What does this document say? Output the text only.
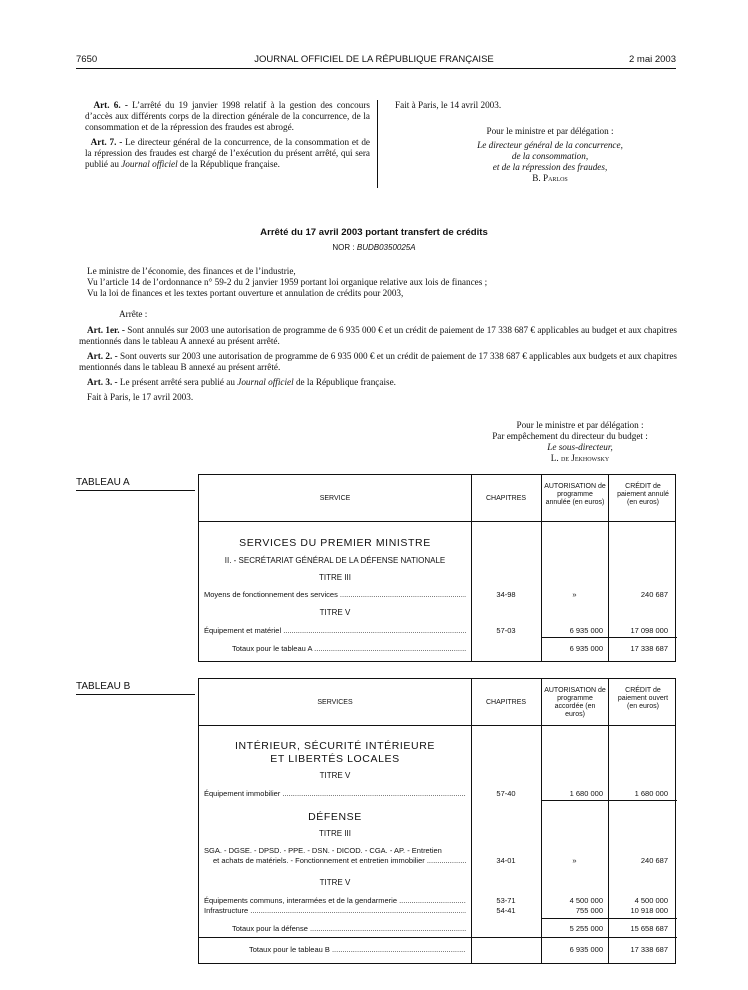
7650	JOURNAL OFFICIEL DE LA RÉPUBLIQUE FRANÇAISE	2 mai 2003

Art. 6. - L’arrêté du 19 janvier 1998 relatif à la gestion des concours d’accès aux différents corps de la direction générale de la concurrence, de la consommation et de la répression des fraudes est abrogé.

Art. 7. - Le directeur général de la concurrence, de la consommation et de la répression des fraudes est chargé de l’exécution du présent arrêté, qui sera publié au Journal officiel de la République française.

Fait à Paris, le 14 avril 2003.
Pour le ministre et par délégation :
Le directeur général de la concurrence,
de la consommation,
et de la répression des fraudes,
B. Parlos
Arrêté du 17 avril 2003 portant transfert de crédits
NOR : BUDB0350025A

Le ministre de l’économie, des finances et de l’industrie,

Vu l’article 14 de l’ordonnance n° 59-2 du 2 janvier 1959 portant loi organique relative aux lois de finances ;

Vu la loi de finances et les textes portant ouverture et annulation de crédits pour 2003,

Arrête :

Art. 1er. - Sont annulés sur 2003 une autorisation de programme de 6 935 000 € et un crédit de paiement de 17 338 687 € applicables au budget et aux chapitres mentionnés dans le tableau A annexé au présent arrêté.

Art. 2. - Sont ouverts sur 2003 une autorisation de programme de 6 935 000 € et un crédit de paiement de 17 338 687 € applicables aux budgets et aux chapitres mentionnés dans le tableau B annexé au présent arrêté.

Art. 3. - Le présent arrêté sera publié au Journal officiel de la République française.

Fait à Paris, le 17 avril 2003.

Pour le ministre et par délégation :
Par empêchement du directeur du budget :
Le sous-directeur,
L. de Jekhowsky
TABLEAU A
SERVICE	CHAPITRES
AUTORISATION de programme annulée (en euros)
CRÉDIT de paiement annulé (en euros)
SERVICES DU PREMIER MINISTRE
II. - SECRÉTARIAT GÉNÉRAL DE LA DÉFENSE NATIONALE
TITRE III
Moyens de fonctionnement des services .....	34-98	»	240 687
TITRE V
Équipement et matériel .....	57-03	6 935 000	17 098 000
Totaux pour le tableau A .....	6 935 000	17 338 687
TABLEAU B
SERVICES	CHAPITRES
AUTORISATION de programme accordée (en euros)
CRÉDIT de paiement ouvert (en euros)
INTÉRIEUR, SÉCURITÉ INTÉRIEURE
ET LIBERTÉS LOCALES
TITRE V
Équipement immobilier .....	57-40	1 680 000	1 680 000
DÉFENSE
TITRE III
SGA. - DGSE. - DPSD. - PPE. - DSN. - DICOD. - CGA. - AP. - Entretien
et achats de matériels. - Fonctionnement et entretien immobilier .....	34-01	»	240 687
TITRE V
Équipements communs, interarmées et de la gendarmerie .....	53-71	4 500 000	4 500 000
Infrastructure .....	54-41	755 000	10 918 000
Totaux pour la défense .....	5 255 000	15 658 687
Totaux pour le tableau B .....	6 935 000	17 338 687
